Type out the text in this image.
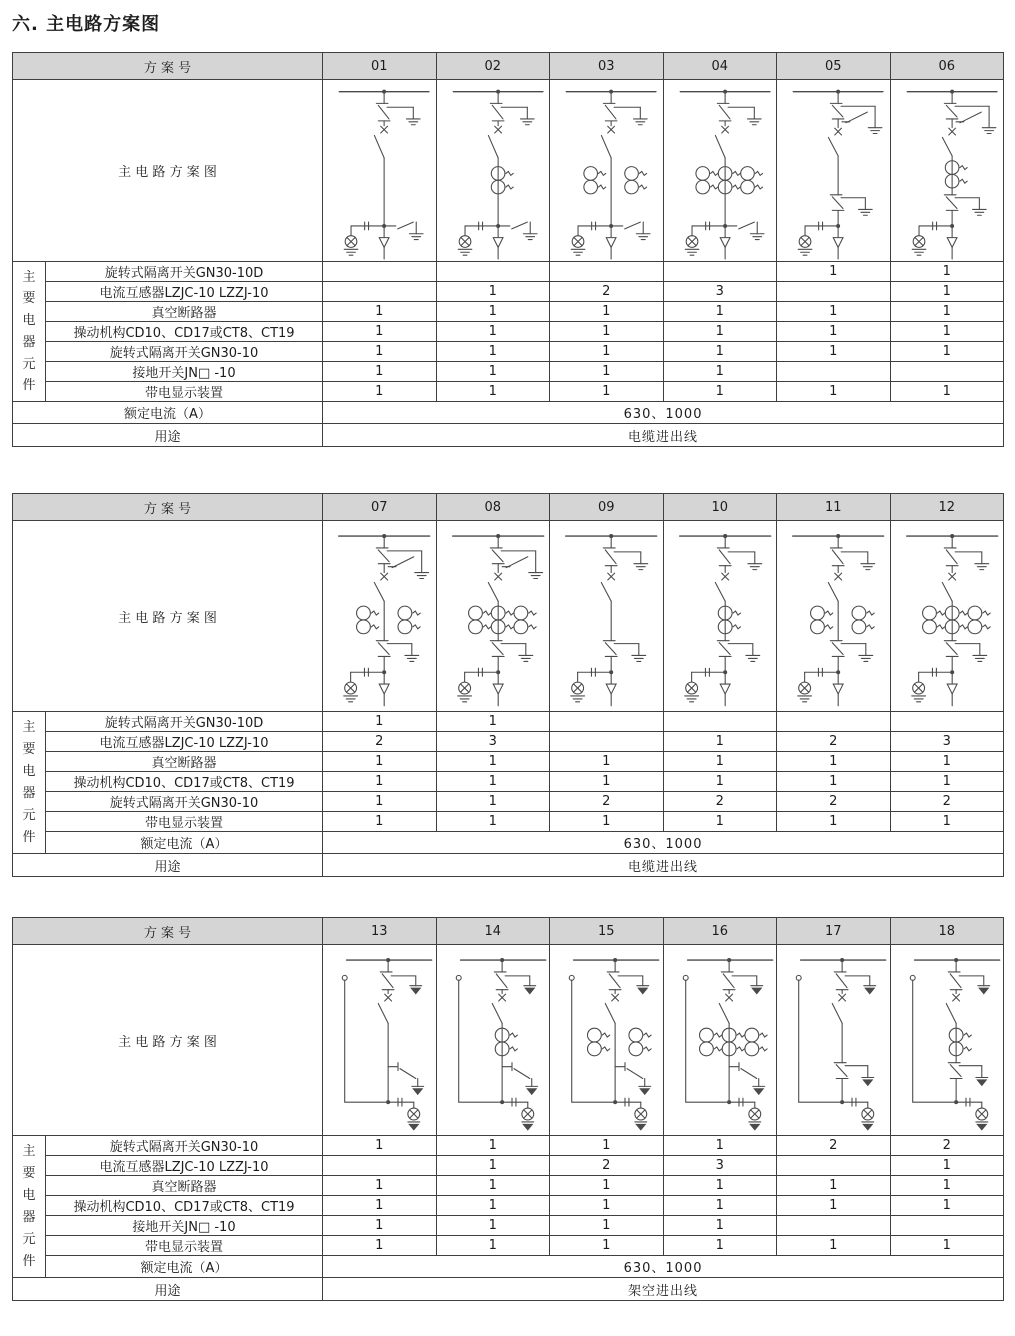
六. 主电路方案图
方 案 号		01	02	03	04	05	06
主 电 路 方 案 图	

主
要
电
器
元
件
	旋转式隔离开关GN30-10D					1	1
	电流互感器LZJC-10 LZZJ-10		1	2	3		1
	真空断路器	1	1	1	1	1	1
	操动机构CD10、CD17或CT8、CT19	1	1	1	1	1	1
	旋转式隔离开关GN30-10	1	1	1	1	1	1
	接地开关JN□ -10	1	1	1	1		
	带电显示装置	1	1	1	1	1	1
额定电流（A）		630、1000					
用途		电缆进出线					
方 案 号		07	08	09	10	11	12
主 电 路 方 案 图	

主
要
电
器
元
件
	旋转式隔离开关GN30-10D	1	1				
	电流互感器LZJC-10 LZZJ-10	2	3		1	2	3
	真空断路器	1	1	1	1	1	1
	操动机构CD10、CD17或CT8、CT19	1	1	1	1	1	1
	旋转式隔离开关GN30-10	1	1	2	2	2	2
	带电显示装置	1	1	1	1	1	1
	额定电流（A）	630、1000					
用途		电缆进出线					
方 案 号		13	14	15	16	17	18
主 电 路 方 案 图	

主
要
电
器
元
件
	旋转式隔离开关GN30-10	1	1	1	1	2	2
	电流互感器LZJC-10 LZZJ-10		1	2	3		1
	真空断路器	1	1	1	1	1	1
	操动机构CD10、CD17或CT8、CT19	1	1	1	1	1	1
	接地开关JN□ -10	1	1	1	1		
	带电显示装置	1	1	1	1	1	1
	额定电流（A）	630、1000					
用途		架空进出线					
